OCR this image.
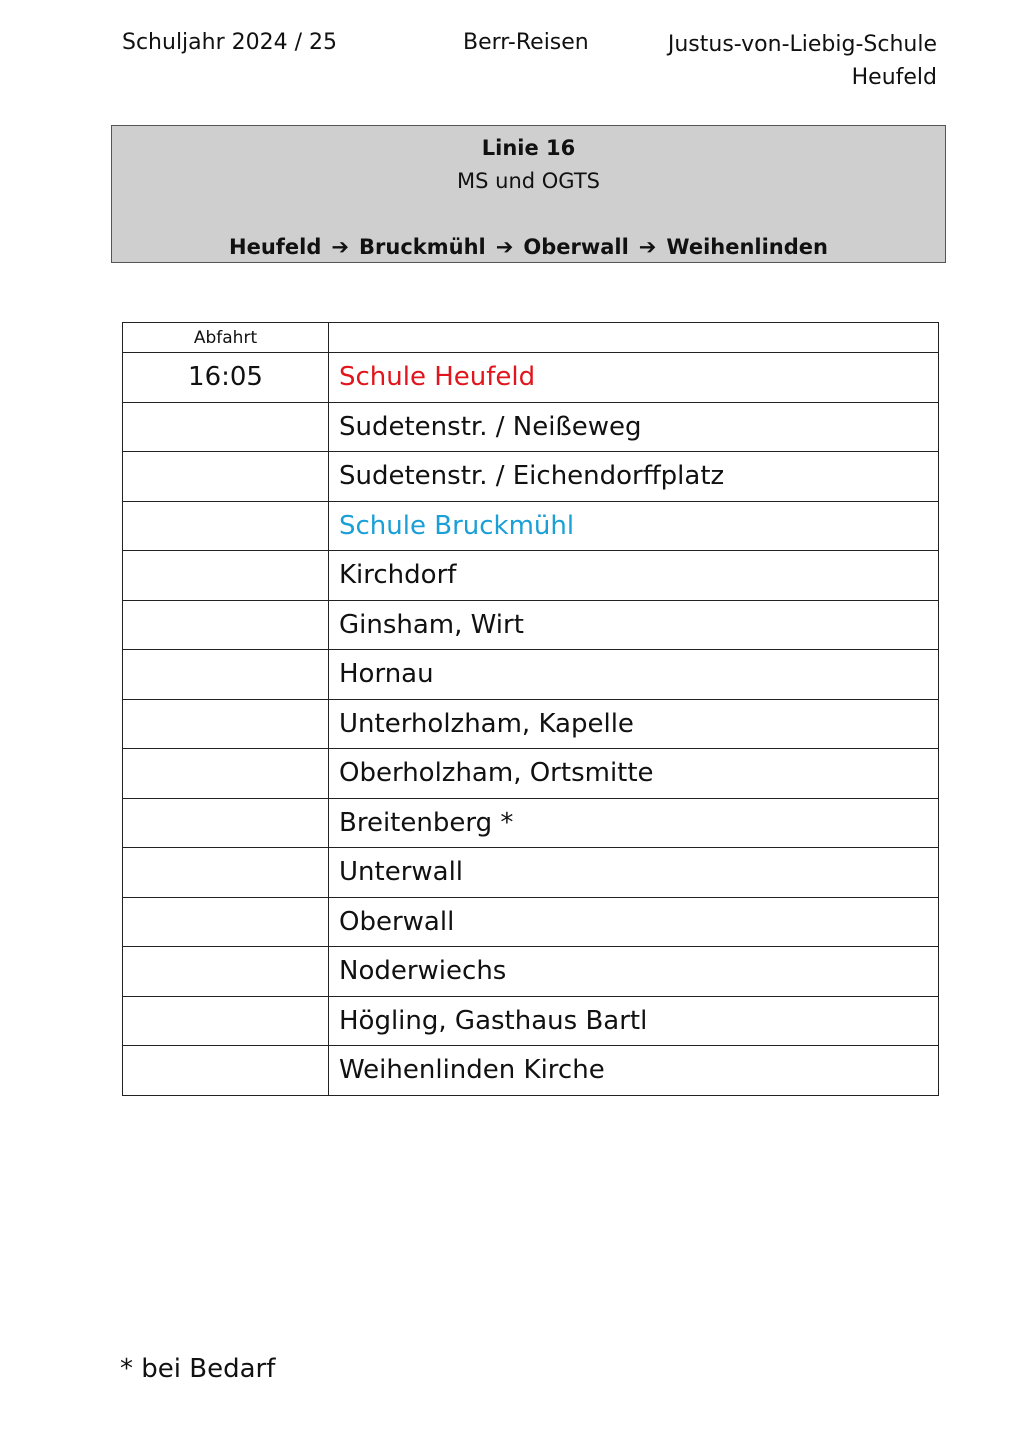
Schuljahr 2024 / 25	Berr-Reisen	Justus-von-Liebig-Schule
Heufeld
Linie 16
MS und OGTS
Heufeld ➔ Bruckmühl ➔ Oberwall ➔ Weihenlinden
Abfahrt	
16:05	Schule Heufeld
	Sudetenstr. / Neißeweg
	Sudetenstr. / Eichendorffplatz
	Schule Bruckmühl
	Kirchdorf
	Ginsham, Wirt
	Hornau
	Unterholzham, Kapelle
	Oberholzham, Ortsmitte
	Breitenberg *
	Unterwall
	Oberwall
	Noderwiechs
	Högling, Gasthaus Bartl
	Weihenlinden Kirche
* bei Bedarf
